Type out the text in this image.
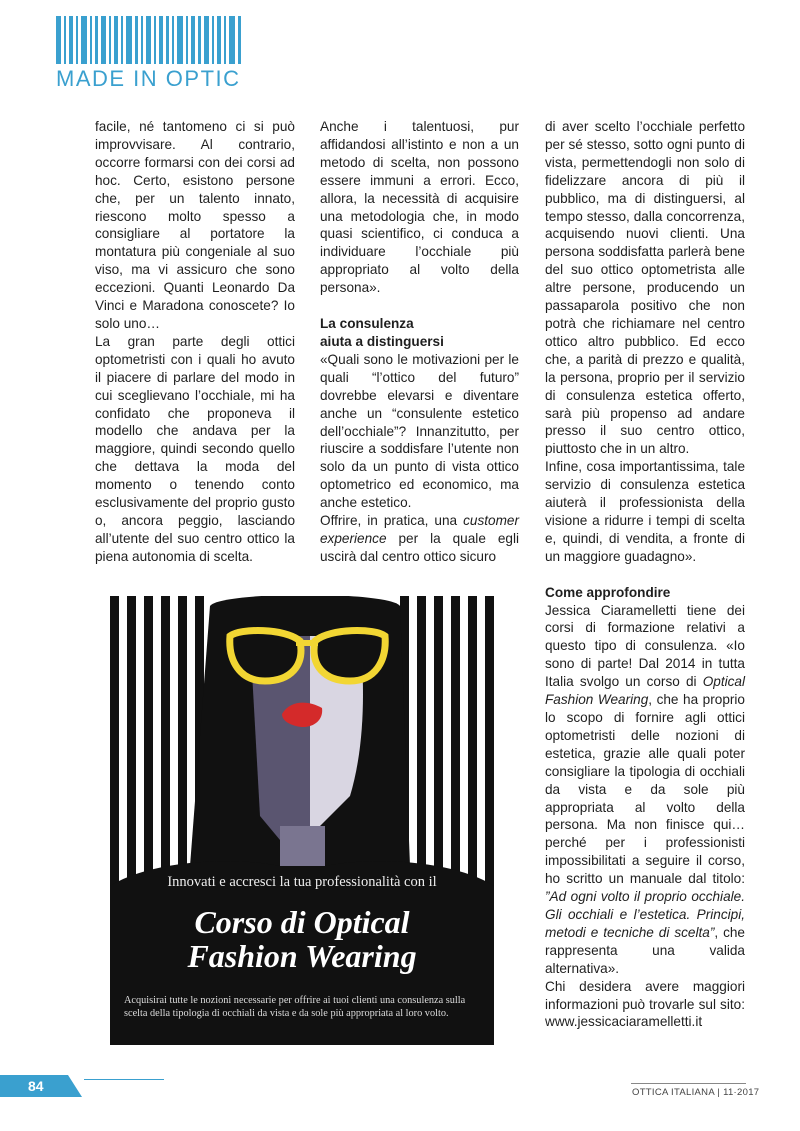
MADE IN OPTIC

facile, né tantomeno ci si può improvvisare. Al contrario, occorre formarsi con dei corsi ad hoc. Certo, esistono persone che, per un talento innato, riescono molto spesso a consigliare al portatore la montatura più congeniale al suo viso, ma vi assicuro che sono eccezioni. Quanti Leonardo Da Vinci e Maradona conoscete? Io solo uno…

La gran parte degli ottici optometristi con i quali ho avuto il piacere di parlare del modo in cui sceglievano l’occhiale, mi ha confidato che proponeva il modello che andava per la maggiore, quindi secondo quello che dettava la moda del momento o tenendo conto esclusivamente del proprio gusto o, ancora peggio, lasciando all’utente del suo centro ottico la piena autonomia di scelta.

Anche i talentuosi, pur affidandosi all’istinto e non a un metodo di scelta, non possono essere immuni a errori. Ecco, allora, la necessità di acquisire una metodologia che, in modo quasi scientifico, ci conduca a individuare l’occhiale più appropriato al volto della persona».

La consulenza

aiuta a distinguersi

«Quali sono le motivazioni per le quali “l’ottico del futuro” dovrebbe elevarsi e diventare anche un “consulente estetico dell’occhiale”? Innanzitutto, per riuscire a soddisfare l’utente non solo da un punto di vista ottico optometrico ed economico, ma anche estetico.

Offrire, in pratica, una customer experience per la quale egli uscirà dal centro ottico sicuro

di aver scelto l’occhiale perfetto per sé stesso, sotto ogni punto di vista, permettendogli non solo di fidelizzare ancora di più il pubblico, ma di distinguersi, al tempo stesso, dalla concorrenza, acquisendo nuovi clienti. Una persona soddisfatta parlerà bene del suo ottico optometrista alle altre persone, producendo un passaparola positivo che non potrà che richiamare nel centro ottico altro pubblico. Ed ecco che, a parità di prezzo e qualità, la persona, proprio per il servizio di consulenza estetica offerto, sarà più propenso ad andare presso il suo centro ottico, piuttosto che in un altro.

Infine, cosa importantissima, tale servizio di consulenza estetica aiuterà il professionista della visione a ridurre i tempi di scelta e, quindi, di vendita, a fronte di un maggiore guadagno».

Come approfondire

Jessica Ciaramelletti tiene dei corsi di formazione relativi a questo tipo di consulenza. «Io sono di parte! Dal 2014 in tutta Italia svolgo un corso di Optical Fashion Wearing, che ha proprio lo scopo di fornire agli ottici optometristi delle nozioni di estetica, grazie alle quali poter consigliare la tipologia di occhiali da vista e da sole più appropriata al volto della persona. Ma non finisce qui… perché per i professionisti impossibilitati a seguire il corso, ho scritto un manuale dal titolo: ”Ad ogni volto il proprio occhiale. Gli occhiali e l’estetica. Principi, metodi e tecniche di scelta”, che rappresenta una valida alternativa».

Chi desidera avere maggiori informazioni può trovarle sul sito: www.jessicaciaramelletti.it

Innovati e accresci la tua professionalità con il
Corso di Optical
Fashion Wearing
Acquisirai tutte le nozioni necessarie per offrire ai tuoi clienti una consulenza sulla scelta della tipologia di occhiali da vista e da sole più appropriata al loro volto.
84	OTTICA ITALIANA | 11·2017
